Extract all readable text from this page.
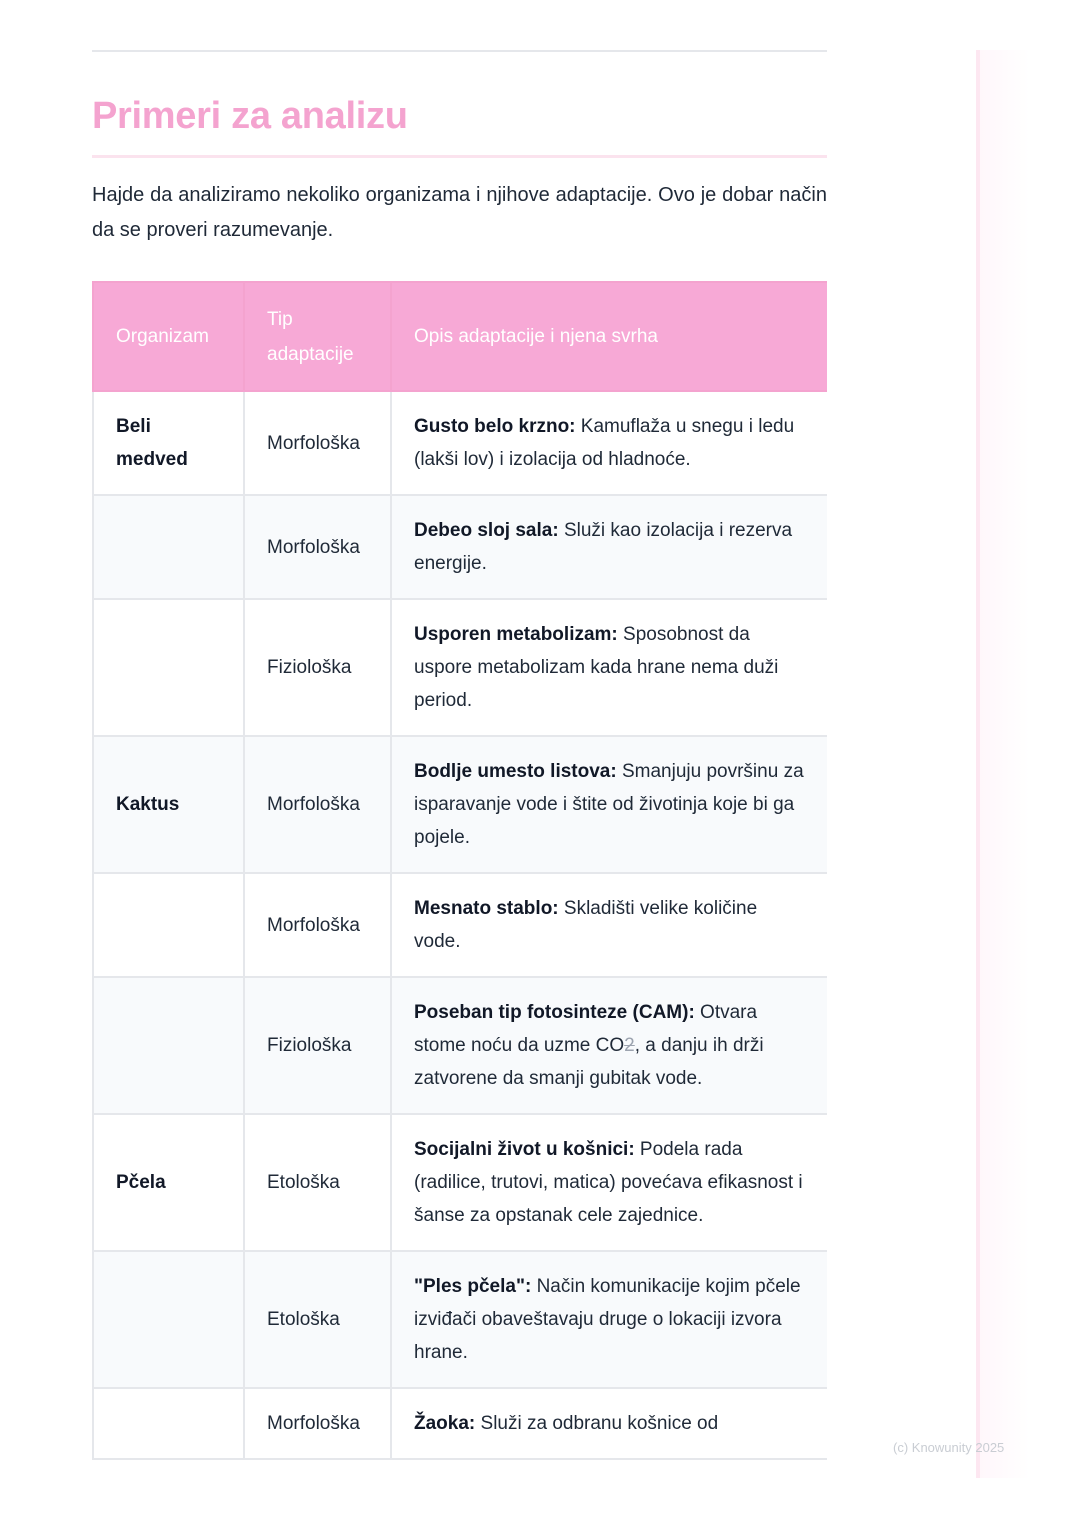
Primeri za analizu

Hajde da analiziramo nekoliko organizama i njihove adaptacije. Ovo je dobar način da se proveri razumevanje.

Organizam	Tip adaptacije	Opis adaptacije i njena svrha
Beli medved	Morfološka	Gusto belo krzno: Kamuflaža u snegu i ledu (lakši lov) i izolacija od hladnoće.
	Morfološka	Debeo sloj sala: Služi kao izolacija i rezerva energije.
	Fiziološka	Usporen metabolizam: Sposobnost da uspore metabolizam kada hrane nema duži period.
Kaktus	Morfološka	Bodlje umesto listova: Smanjuju površinu za isparavanje vode i štite od životinja koje bi ga pojele.
	Morfološka	Mesnato stablo: Skladišti velike količine vode.
	Fiziološka	Poseban tip fotosinteze (CAM): Otvara stome noću da uzme CO2, a danju ih drži zatvorene da smanji gubitak vode.
Pčela	Etološka	Socijalni život u košnici: Podela rada (radilice, trutovi, matica) povećava efikasnost i šanse za opstanak cele zajednice.
	Etološka	"Ples pčela": Način komunikacije kojim pčele izviđači obaveštavaju druge o lokaciji izvora hrane.
	Morfološka	Žaoka: Služi za odbranu košnice od
(c) Knowunity 2025
